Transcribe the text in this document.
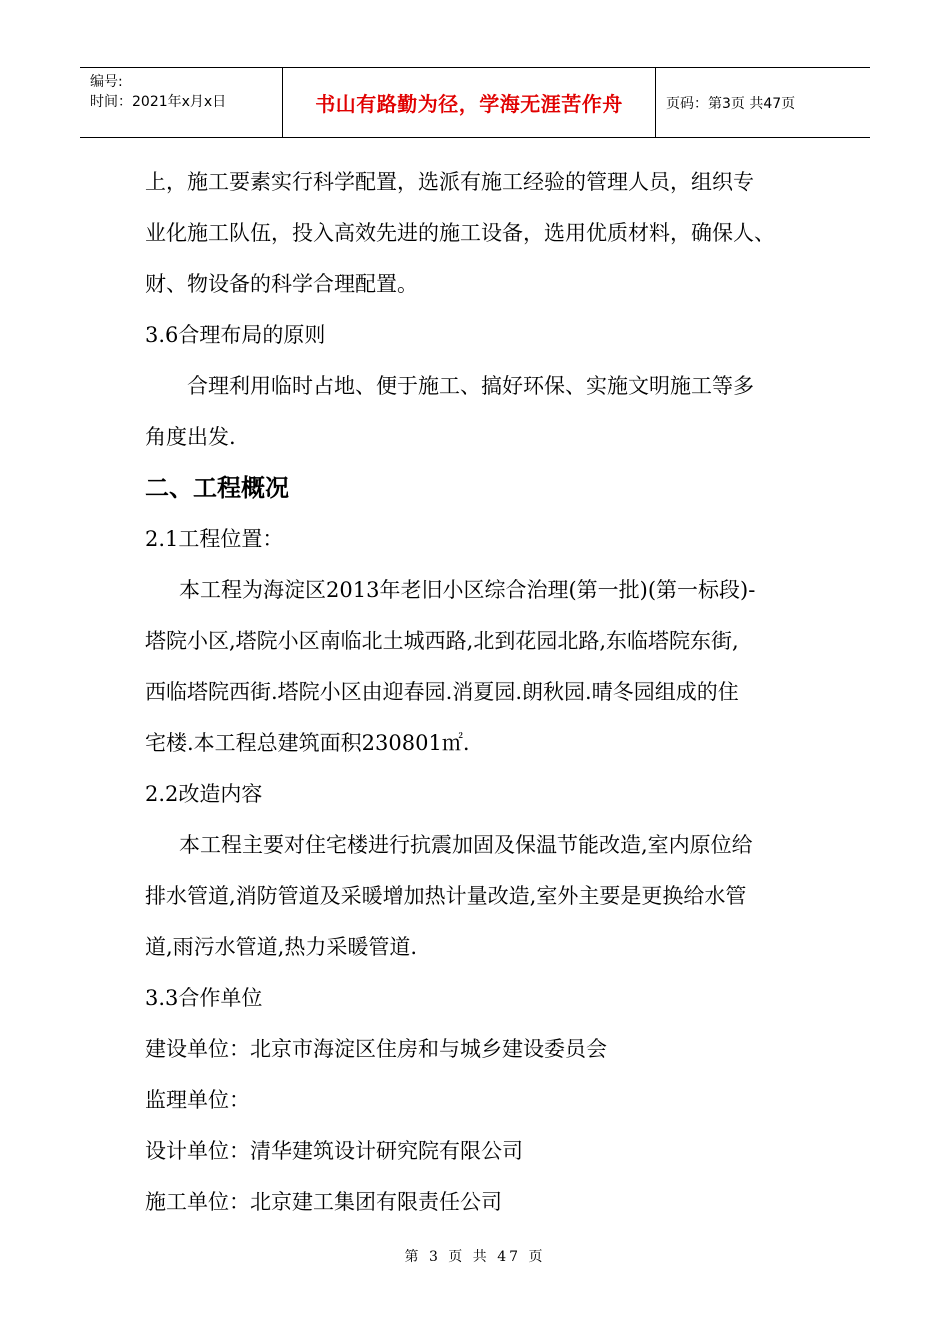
编号:
时间：2021年x月x日	书山有路勤为径，学海无涯苦作舟	页码：第3页 共47页
上，施工要素实行科学配置，选派有施工经验的管理人员，组织专
业化施工队伍，投入高效先进的施工设备，选用优质材料，确保人、
财、物设备的科学合理配置。
3.6合理布局的原则
合理利用临时占地、便于施工、搞好环保、实施文明施工等多
角度出发.
二、工程概况
2.1工程位置：
本工程为海淀区2013年老旧小区综合治理(第一批)(第一标段)-
塔院小区,塔院小区南临北土城西路,北到花园北路,东临塔院东街,
西临塔院西街.塔院小区由迎春园.消夏园.朗秋园.晴冬园组成的住
宅楼.本工程总建筑面积230801㎡.
2.2改造内容
本工程主要对住宅楼进行抗震加固及保温节能改造,室内原位给
排水管道,消防管道及采暖增加热计量改造,室外主要是更换给水管
道,雨污水管道,热力采暖管道.
3.3合作单位
建设单位：北京市海淀区住房和与城乡建设委员会
监理单位：
设计单位：清华建筑设计研究院有限公司
施工单位：北京建工集团有限责任公司
第 3 页 共 47 页
